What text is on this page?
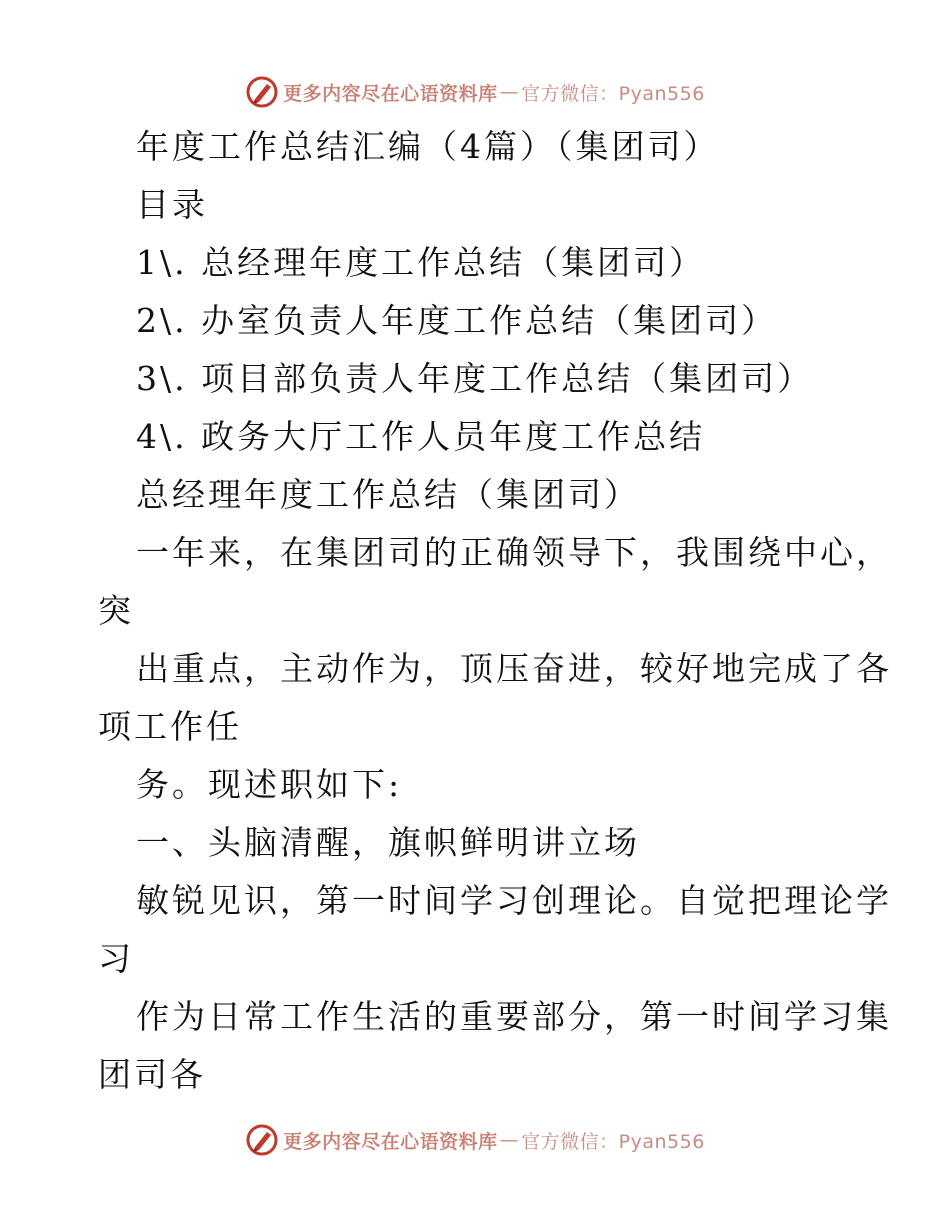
更多内容尽在心语资料库 — 官方微信：Pyan556
年度工作总结汇编（4篇）（集团司）
目录
1\. 总经理年度工作总结（集团司）
2\. 办室负责人年度工作总结（集团司）
3\. 项目部负责人年度工作总结（集团司）
4\. 政务大厅工作人员年度工作总结
总经理年度工作总结（集团司）
一年来，在集团司的正确领导下，我围绕中心，
突
出重点，主动作为，顶压奋进，较好地完成了各
项工作任
务。现述职如下:
一、头脑清醒，旗帜鲜明讲立场
敏锐见识，第一时间学习创理论。自觉把理论学
习
作为日常工作生活的重要部分，第一时间学习集
团司各
更多内容尽在心语资料库 — 官方微信：Pyan556
